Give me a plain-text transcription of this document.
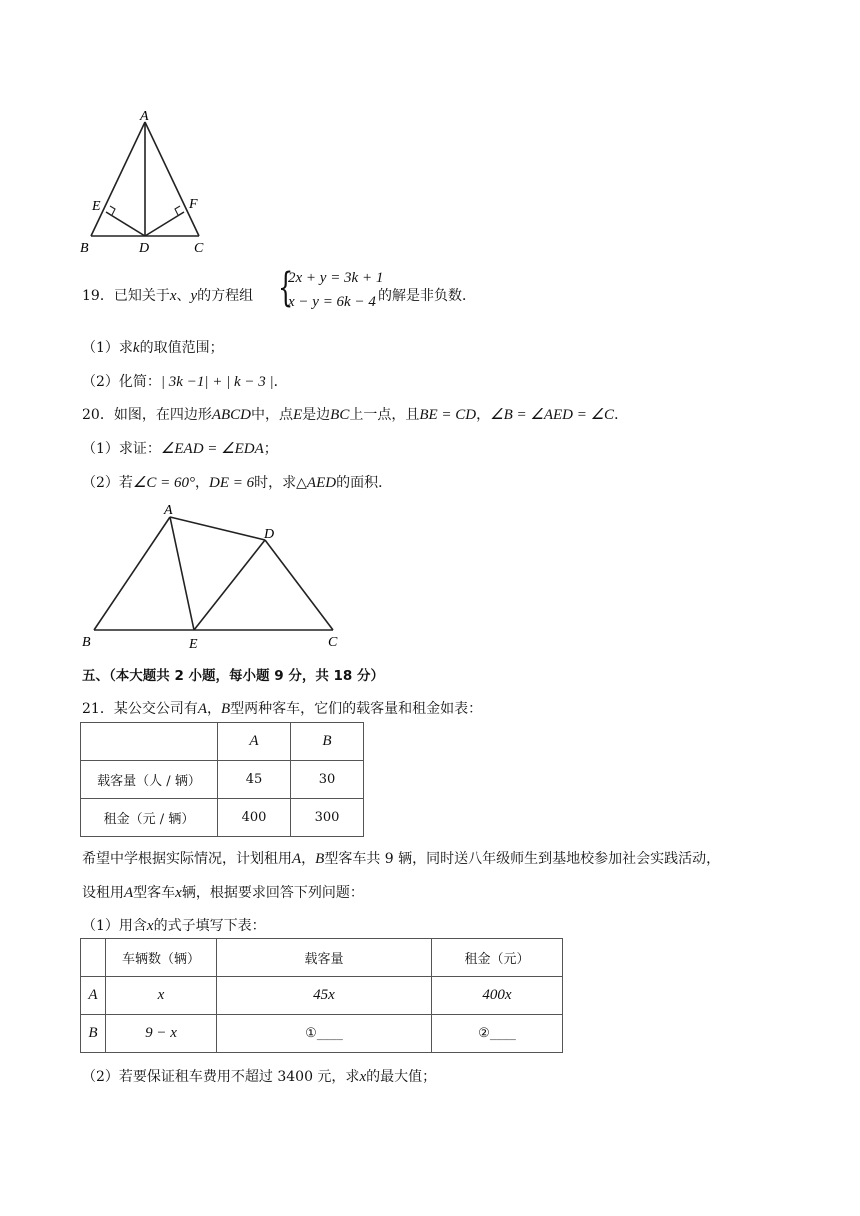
A
E	F
B	D	C
19．已知关于x、y的方程组 {
2x + y = 3k + 1
x − y = 6k − 4 的解是非负数．
（1）求k的取值范围；
（2）化简：| 3k −1| + | k − 3 |．
20．如图，在四边形ABCD中，点E是边BC上一点，且BE = CD，∠B = ∠AED = ∠C．
（1）求证：∠EAD = ∠EDA；
（2）若∠C = 60°，DE = 6时，求△AED的面积．
A
D
B	E	C
五、（本大题共 2 小题，每小题 9 分，共 18 分）
21．某公交公司有A，B型两种客车，它们的载客量和租金如表：
	A	B
载客量（人 / 辆）	45	30
租金（元 / 辆）	400	300
希望中学根据实际情况，计划租用A，B型客车共 9 辆，同时送八年级师生到基地校参加社会实践活动，
设租用A型客车x辆，根据要求回答下列问题：
（1）用含x的式子填写下表：
	车辆数（辆）	载客量	租金（元）
A	x	45x	400x
B	9 − x	①____	②____
（2）若要保证租车费用不超过 3400 元，求x的最大值；
